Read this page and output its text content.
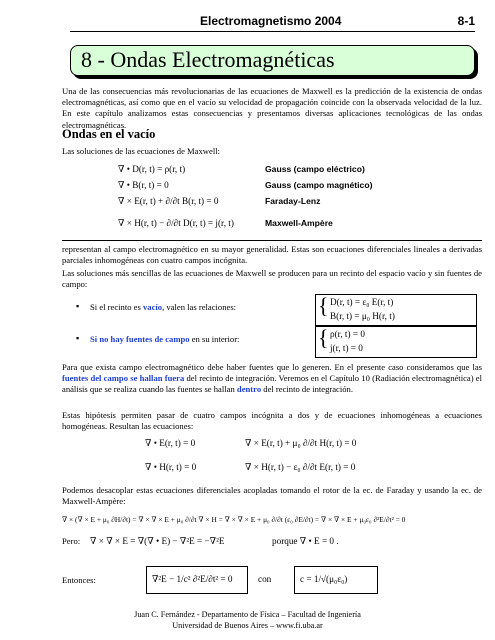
Electromagnetismo 2004	8-1
8 - Ondas Electromagnéticas
Una de las consecuencias más revolucionarias de las ecuaciones de Maxwell es la predicción de la existencia de ondas electromagnéticas, así como que en el vacío su velocidad de propagación coincide con la observada velocidad de la luz. En este capítulo analizamos estas consecuencias y presentamos diversas aplicaciones tecnológicas de las ondas electromagnéticas.
Ondas en el vacío
Las soluciones de las ecuaciones de Maxwell:
∇ • D(r, t) = ρ(r, t)	Gauss (campo eléctrico)
∇ • B(r, t) = 0	Gauss (campo magnético)
∇ × E(r, t) + ∂/∂t B(r, t) = 0	Faraday-Lenz
∇ × H(r, t) − ∂/∂t D(r, t) = j(r, t)	Maxwell-Ampère
representan al campo electromagnético en su mayor generalidad. Estas son ecuaciones diferenciales lineales a derivadas parciales inhomogéneas con cuatro campos incógnita.
Las soluciones más sencillas de las ecuaciones de Maxwell se producen para un recinto del espacio vacío y sin fuentes de campo:
▪ Si el recinto es vacío, valen las relaciones:
▪ Si no hay fuentes de campo en su interior:
{ D(r, t) = ε₀ E(r, t)
B(r, t) = μ₀ H(r, t)
{ ρ(r, t) = 0
j(r, t) = 0
Para que exista campo electromagnético debe haber fuentes que lo generen. En el presente caso consideramos que las fuentes del campo se hallan fuera del recinto de integración. Veremos en el Capítulo 10 (Radiación electromagnética) el análisis que se realiza cuando las fuentes se hallan dentro del recinto de integración.
Estas hipótesis permiten pasar de cuatro campos incógnita a dos y de ecuaciones inhomogéneas a ecuaciones homogéneas. Resultan las ecuaciones:
∇ • E(r, t) = 0	∇ × E(r, t) + μ₀ ∂/∂t H(r, t) = 0
∇ • H(r, t) = 0	∇ × H(r, t) − ε₀ ∂/∂t E(r, t) = 0
Podemos desacoplar estas ecuaciones diferenciales acopladas tomando el rotor de la ec. de Faraday y usando la ec. de Maxwell-Ampère:
∇ × (∇ × E + μ₀ ∂H/∂t) = ∇ × ∇ × E + μ₀ ∂/∂t ∇ × H = ∇ × ∇ × E + μ₀ ∂/∂t (ε₀ ∂E/∂t) = ∇ × ∇ × E + μ₀ε₀ ∂²E/∂t² = 0
Pero: ∇ × ∇ × E = ∇(∇ • E) − ∇²E = −∇²E	porque ∇ • E = 0 .
Entonces:	∇²E − 1/c² ∂²E/∂t² = 0	con	c = 1/√(μ₀ε₀)
Juan C. Fernández - Departamento de Física – Facultad de Ingeniería
Universidad de Buenos Aires – www.fi.uba.ar
